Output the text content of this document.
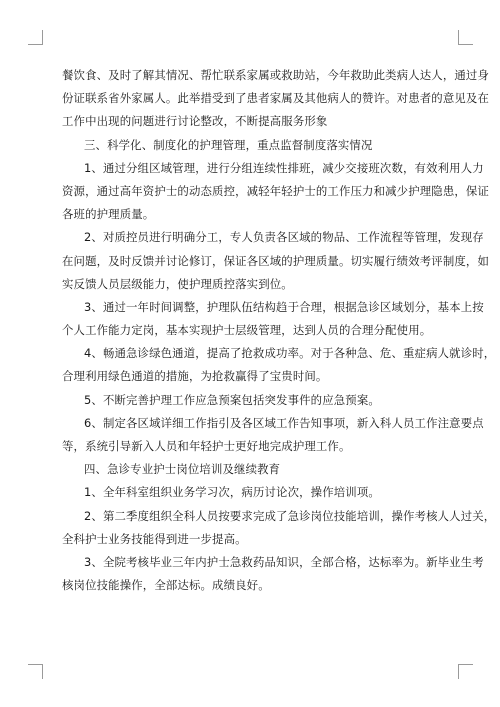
餐饮食、及时了解其情况、帮忙联系家属或救助站，今年救助此类病人达人，通过身
份证联系省外家属人。此举措受到了患者家属及其他病人的赞许。对患者的意见及在
工作中出现的问题进行讨论整改，不断提高服务形象
三、科学化、制度化的护理管理，重点监督制度落实情况
1、通过分组区域管理，进行分组连续性排班，减少交接班次数，有效利用人力
资源，通过高年资护士的动态质控，减轻年轻护士的工作压力和减少护理隐患，保证
各班的护理质量。
2、对质控员进行明确分工，专人负责各区域的物品、工作流程等管理，发现存
在问题，及时反馈并讨论修订，保证各区域的护理质量。切实履行绩效考评制度，如
实反馈人员层级能力，使护理质控落实到位。
3、通过一年时间调整，护理队伍结构趋于合理，根据急诊区域划分，基本上按
个人工作能力定岗，基本实现护士层级管理，达到人员的合理分配使用。
4、畅通急诊绿色通道，提高了抢救成功率。对于各种急、危、重症病人就诊时，
合理利用绿色通道的措施，为抢救赢得了宝贵时间。
5、不断完善护理工作应急预案包括突发事件的应急预案。
6、制定各区域详细工作指引及各区域工作告知事项，新入科人员工作注意要点
等，系统引导新入人员和年轻护士更好地完成护理工作。
四、急诊专业护士岗位培训及继续教育
1、全年科室组织业务学习次，病历讨论次，操作培训项。
2、第二季度组织全科人员按要求完成了急诊岗位技能培训，操作考核人人过关，
全科护士业务技能得到进一步提高。
3、全院考核毕业三年内护士急救药品知识，全部合格，达标率为。新毕业生考
核岗位技能操作，全部达标。成绩良好。
